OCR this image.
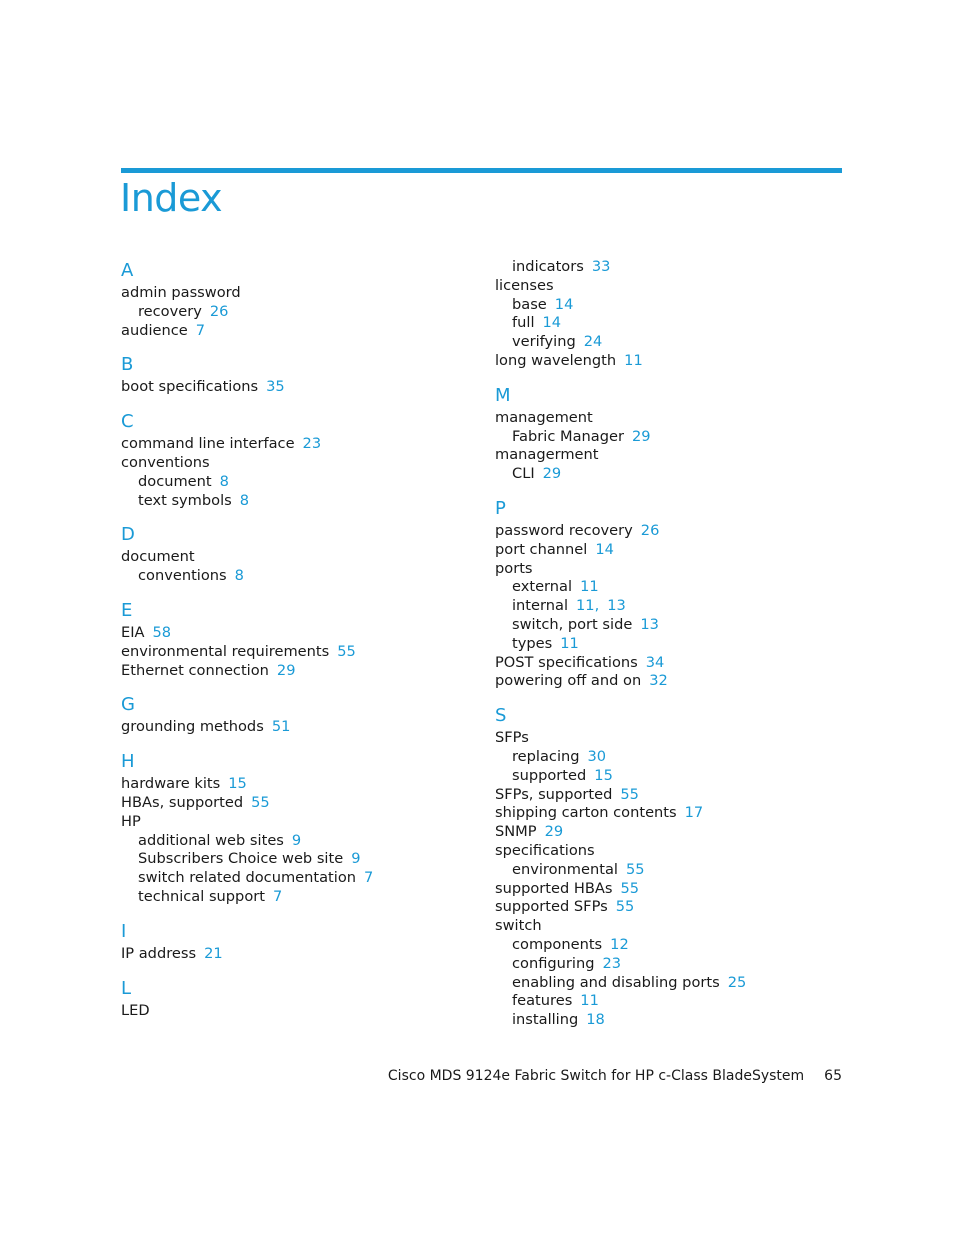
Index
A
admin password
recovery 26
audience 7
B
boot specifications 35
C
command line interface 23
conventions
document 8
text symbols 8
D
document
conventions 8
E
EIA 58
environmental requirements 55
Ethernet connection 29
G
grounding methods 51
H
hardware kits 15
HBAs, supported 55
HP
additional web sites 9
Subscribers Choice web site 9
switch related documentation 7
technical support 7
I
IP address 21
L
LED
indicators 33
licenses
base 14
full 14
verifying 24
long wavelength 11
M
management
Fabric Manager 29
managerment
CLI 29
P
password recovery 26
port channel 14
ports
external 11
internal 11, 13
switch, port side 13
types 11
POST specifications 34
powering off and on 32
S
SFPs
replacing 30
supported 15
SFPs, supported 55
shipping carton contents 17
SNMP 29
specifications
environmental 55
supported HBAs 55
supported SFPs 55
switch
components 12
configuring 23
enabling and disabling ports 25
features 11
installing 18
Cisco MDS 9124e Fabric Switch for HP c-Class BladeSystem 65
